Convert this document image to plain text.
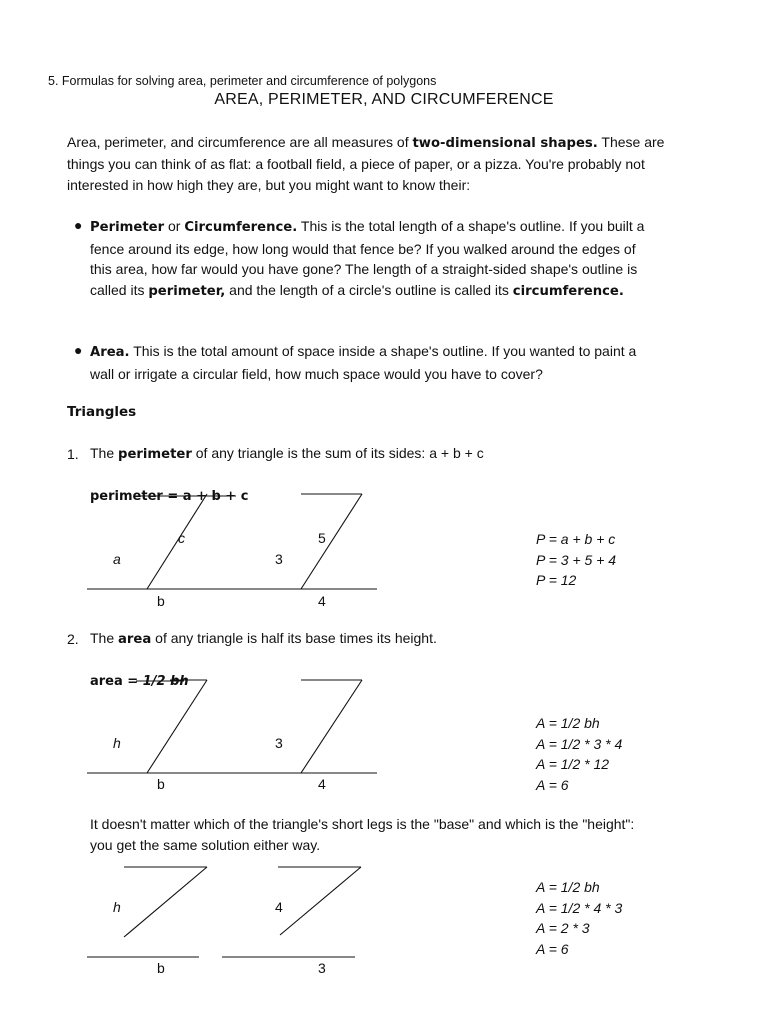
5. Formulas for solving area, perimeter and circumference of polygons
AREA, PERIMETER, AND CIRCUMFERENCE
Area, perimeter, and circumference are all measures of two-dimensional shapes. These are things you can think of as flat: a football field, a piece of paper, or a pizza. You're probably not interested in how high they are, but you might want to know their:
● Perimeter or Circumference. This is the total length of a shape's outline. If you built a fence around its edge, how long would that fence be? If you walked around the edges of this area, how far would you have gone? The length of a straight-sided shape's outline is called its perimeter, and the length of a circle's outline is called its circumference.
● Area. This is the total amount of space inside a shape's outline. If you wanted to paint a wall or irrigate a circular field, how much space would you have to cover?
Triangles
1. The perimeter of any triangle is the sum of its sides: a + b + c
perimeter = a + b + c
a
c
b
3
5
4
P = a + b + c
P = 3 + 5 + 4
P = 12
2. The area of any triangle is half its base times its height.
area = 1/2 bh
h
b
3
4
A = 1/2 bh
A = 1/2 * 3 * 4
A = 1/2 * 12
A = 6
It doesn't matter which of the triangle's short legs is the "base" and which is the "height": you get the same solution either way.
h
b
4
3
A = 1/2 bh
A = 1/2 * 4 * 3
A = 2 * 3
A = 6
